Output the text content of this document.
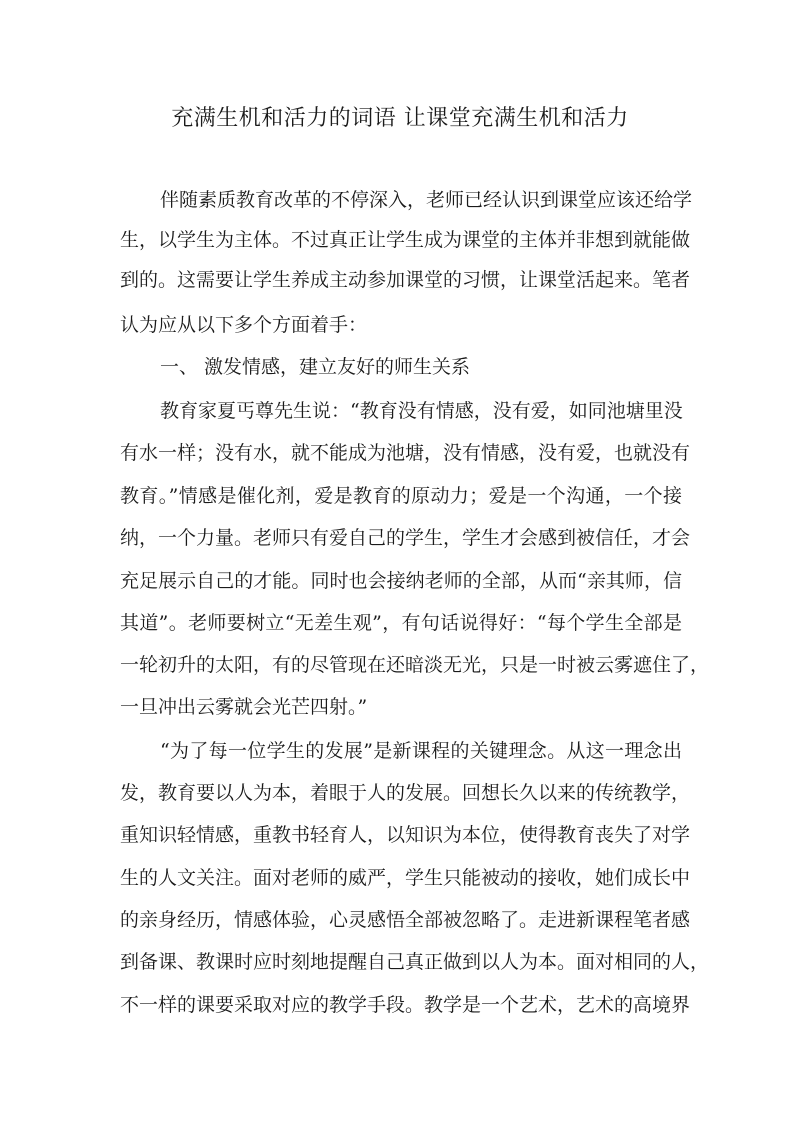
充满生机和活力的词语 让课堂充满生机和活力
伴随素质教育改革的不停深入，老师已经认识到课堂应该还给学
生，以学生为主体。不过真正让学生成为课堂的主体并非想到就能做
到的。这需要让学生养成主动参加课堂的习惯，让课堂活起来。笔者
认为应从以下多个方面着手：
一、 激发情感，建立友好的师生关系
教育家夏丐尊先生说：“教育没有情感，没有爱，如同池塘里没
有水一样；没有水，就不能成为池塘，没有情感，没有爱，也就没有
教育。”情感是催化剂，爱是教育的原动力；爱是一个沟通，一个接
纳，一个力量。老师只有爱自己的学生，学生才会感到被信任，才会
充足展示自己的才能。同时也会接纳老师的全部，从而“亲其师，信
其道”。老师要树立“无差生观”，有句话说得好：“每个学生全部是
一轮初升的太阳，有的尽管现在还暗淡无光，只是一时被云雾遮住了，
一旦冲出云雾就会光芒四射。”
“为了每一位学生的发展”是新课程的关键理念。从这一理念出
发，教育要以人为本，着眼于人的发展。回想长久以来的传统教学，
重知识轻情感，重教书轻育人，以知识为本位，使得教育丧失了对学
生的人文关注。面对老师的威严，学生只能被动的接收，她们成长中
的亲身经历，情感体验，心灵感悟全部被忽略了。走进新课程笔者感
到备课、教课时应时刻地提醒自己真正做到以人为本。面对相同的人，
不一样的课要采取对应的教学手段。教学是一个艺术，艺术的高境界
